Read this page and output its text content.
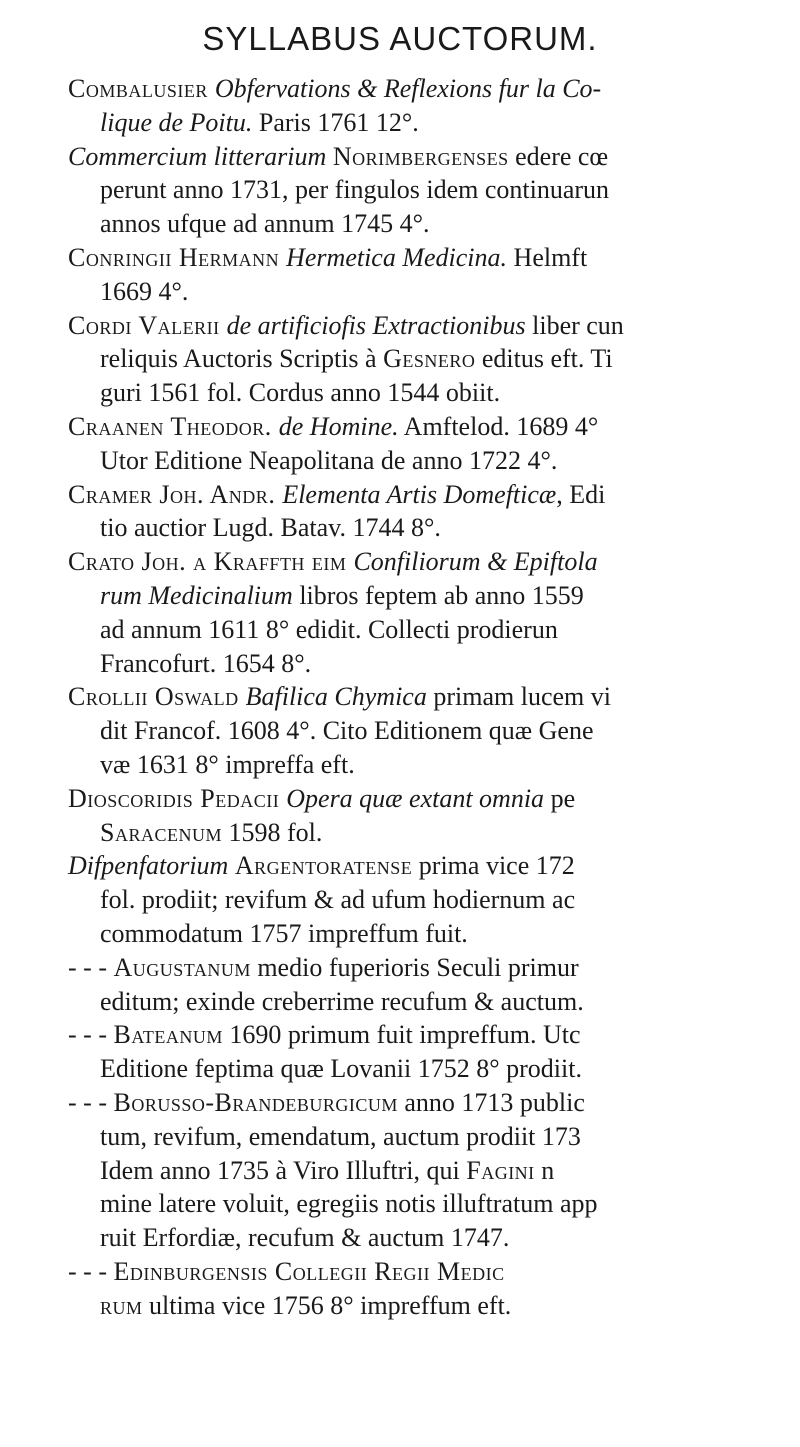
SYLLABUS AUCTORUM.
Combalusier Obfervations & Reflexions fur la Co-
lique de Poitu. Paris 1761 12°.
Commercium litterarium Norimbergenses edere cœ
perunt anno 1731, per fingulos idem continuarun
annos ufque ad annum 1745 4°.
Conringii Hermann Hermetica Medicina. Helmft
1669 4°.
Cordi Valerii de artificiofis Extractionibus liber cun
reliquis Auctoris Scriptis à Gesnero editus eft. Ti
guri 1561 fol. Cordus anno 1544 obiit.
Craanen Theodor. de Homine. Amftelod. 1689 4°
Utor Editione Neapolitana de anno 1722 4°.
Cramer Joh. Andr. Elementa Artis Domefticæ, Edi
tio auctior Lugd. Batav. 1744 8°.
Crato Joh. a Kraffth eim Confiliorum & Epiftola
rum Medicinalium libros feptem ab anno 1559
ad annum 1611 8° edidit. Collecti prodierun
Francofurt. 1654 8°.
Crollii Oswald Bafilica Chymica primam lucem vi
dit Francof. 1608 4°. Cito Editionem quæ Gene
væ 1631 8° impreffa eft.
Dioscoridis Pedacii Opera quæ extant omnia pe
Saracenum 1598 fol.
Difpenfatorium Argentoratense prima vice 172
fol. prodiit; revifum & ad ufum hodiernum ac
commodatum 1757 impreffum fuit.
- - - Augustanum medio fuperioris Seculi primur
editum; exinde creberrime recufum & auctum.
- - - Bateanum 1690 primum fuit impreffum. Utc
Editione feptima quæ Lovanii 1752 8° prodiit.
- - - Borusso-Brandeburgicum anno 1713 public
tum, revifum, emendatum, auctum prodiit 173
Idem anno 1735 à Viro Illuftri, qui Fagini n
mine latere voluit, egregiis notis illuftratum app
ruit Erfordiæ, recufum & auctum 1747.
- - - Edinburgensis Collegii Regii Medic
rum ultima vice 1756 8° impreffum eft.
